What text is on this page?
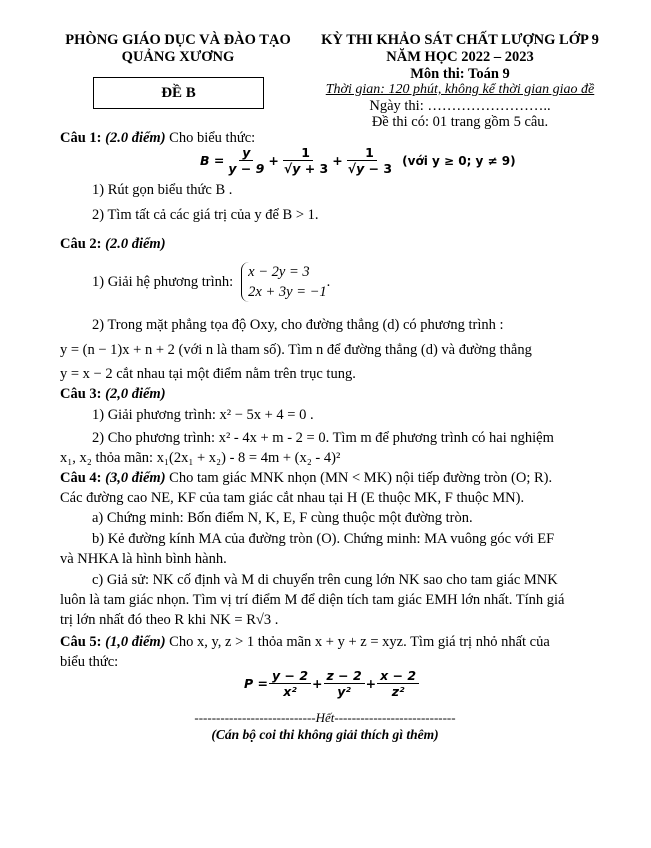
PHÒNG GIÁO DỤC VÀ ĐÀO TẠO
QUẢNG XƯƠNG
ĐỀ B
KỲ THI KHẢO SÁT CHẤT LƯỢNG LỚP 9
NĂM HỌC 2022 – 2023
Môn thi: Toán 9
Thời gian: 120 phút, không kể thời gian giao đề
Ngày thi: ……………………..
Đề thi có: 01 trang gồm 5 câu.
Câu 1: (2.0 điểm) Cho biểu thức:
$B = \frac{y}{y - 9} + \frac{1}{√y + 3} + \frac{1}{√y - 3}$ (với y ≥ 0; y ≠ 9)
1) Rút gọn biểu thức B .
2) Tìm tất cả các giá trị của y để B > 1.
Câu 2: (2.0 điểm)
1) Giải hệ phương trình:
x − 2y = 3
2x + 3y = −1
.
2) Trong mặt phẳng tọa độ Oxy, cho đường thẳng (d) có phương trình :
y = (n − 1)x + n + 2 (với n là tham số). Tìm n để đường thẳng (d) và đường thẳng
y = x − 2 cắt nhau tại một điểm nằm trên trục tung.
Câu 3: (2,0 điểm)
1) Giải phương trình: x² − 5x + 4 = 0 .
2) Cho phương trình: x² - 4x + m - 2 = 0. Tìm m để phương trình có hai nghiệm
x₁, x₂ thỏa mãn: x₁(2x₁ + x₂) - 8 = 4m + (x₂ - 4)²
Câu 4: (3,0 điểm) Cho tam giác MNK nhọn (MN < MK) nội tiếp đường tròn (O; R).
Các đường cao NE, KF của tam giác cắt nhau tại H (E thuộc MK, F thuộc MN).
a) Chứng minh: Bốn điểm N, K, E, F cùng thuộc một đường tròn.
b) Kẻ đường kính MA của đường tròn (O). Chứng minh: MA vuông góc với EF
và NHKA là hình bình hành.
c) Giả sử: NK cố định và M di chuyển trên cung lớn NK sao cho tam giác MNK
luôn là tam giác nhọn. Tìm vị trí điểm M để diện tích tam giác EMH lớn nhất. Tính giá
trị lớn nhất đó theo R khi NK = R√3 .
Câu 5: (1,0 điểm) Cho x, y, z > 1 thỏa mãn x + y + z = xyz. Tìm giá trị nhỏ nhất của
biểu thức:
$P = \frac{y - 2}{\text{x²}} + \frac{z - 2}{\text{y²}} + \frac{x - 2}{\text{z²}}$
----------------------------Hết----------------------------
(Cán bộ coi thi không giải thích gì thêm)
